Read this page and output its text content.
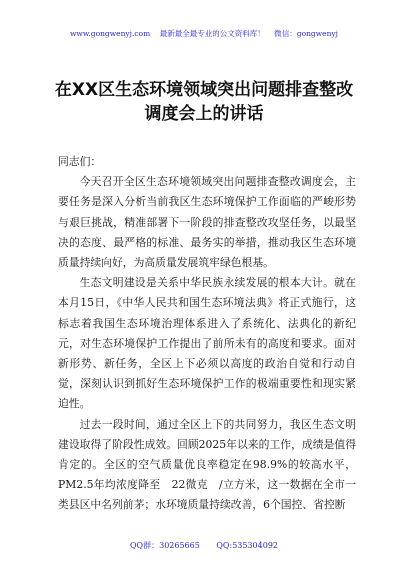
www.gongwenyj.com 最新最全最专业的公文资料库！ 微信：gongwenyj
在XX区生态环境领域突出问题排查整改
调度会上的讲话

同志们：

今天召开全区生态环境领域突出问题排查整改调度会，主要任务是深入分析当前我区生态环境保护工作面临的严峻形势与艰巨挑战，精准部署下一阶段的排查整改攻坚任务，以最坚决的态度、最严格的标准、最务实的举措，推动我区生态环境质量持续向好，为高质量发展筑牢绿色根基。

生态文明建设是关系中华民族永续发展的根本大计。就在本月15日，《中华人民共和国生态环境法典》将正式施行，这标志着我国生态环境治理体系进入了系统化、法典化的新纪元，对生态环境保护工作提出了前所未有的高度和要求。面对新形势、新任务，全区上下必须以高度的政治自觉和行动自觉，深刻认识到抓好生态环境保护工作的极端重要性和现实紧迫性。

过去一段时间，通过全区上下的共同努力，我区生态文明建设取得了阶段性成效。回顾2025年以来的工作，成绩是值得肯定的。全区的空气质量优良率稳定在98.9%的较高水平，PM2.5年均浓度降至　22微克　/立方米，这一数据在全市一类县区中名列前茅；水环境质量持续改善，6个国控、省控断

QQ群：30265665 QQ:535304092
